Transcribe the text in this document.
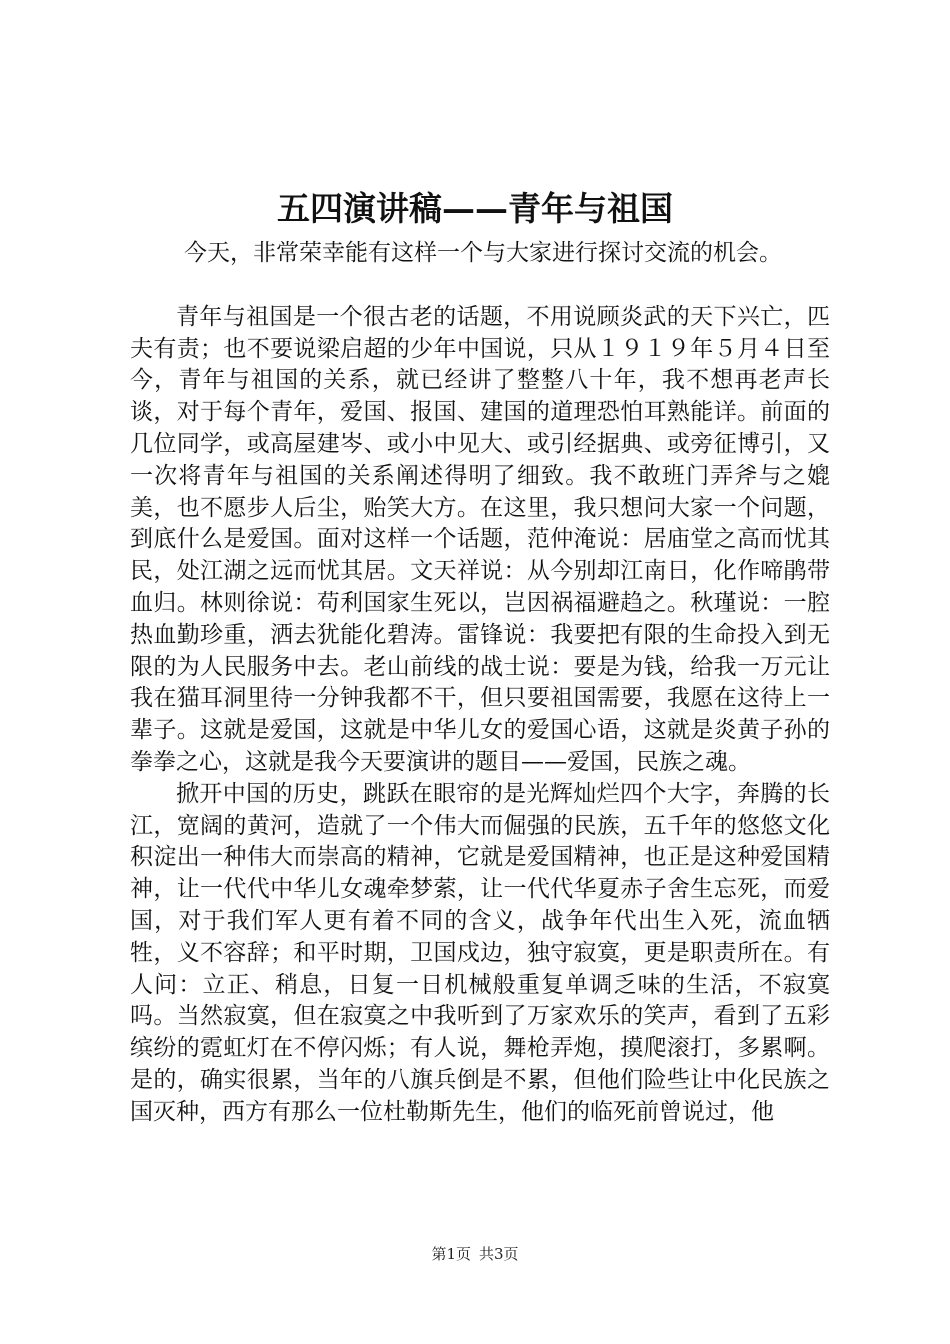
五四演讲稿——青年与祖国

今天，非常荣幸能有这样一个与大家进行探讨交流的机会。

青年与祖国是一个很古老的话题，不用说顾炎武的天下兴亡，匹夫有责；也不要说梁启超的少年中国说，只从１９１９年５月４日至今，青年与祖国的关系，就已经讲了整整八十年，我不想再老声长谈，对于每个青年，爱国、报国、建国的道理恐怕耳熟能详。前面的几位同学，或高屋建岑、或小中见大、或引经据典、或旁征博引，又一次将青年与祖国的关系阐述得明了细致。我不敢班门弄斧与之媲美，也不愿步人后尘，贻笑大方。在这里，我只想问大家一个问题，到底什么是爱国。面对这样一个话题，范仲淹说：居庙堂之高而忧其民，处江湖之远而忧其居。文天祥说：从今别却江南日，化作啼鹃带血归。林则徐说：苟利国家生死以，岂因祸福避趋之。秋瑾说：一腔热血勤珍重，洒去犹能化碧涛。雷锋说：我要把有限的生命投入到无限的为人民服务中去。老山前线的战士说：要是为钱，给我一万元让我在猫耳洞里待一分钟我都不干，但只要祖国需要，我愿在这待上一辈子。这就是爱国，这就是中华儿女的爱国心语，这就是炎黄子孙的拳拳之心，这就是我今天要演讲的题目——爱国，民族之魂。

掀开中国的历史，跳跃在眼帘的是光辉灿烂四个大字，奔腾的长江，宽阔的黄河，造就了一个伟大而倔强的民族，五千年的悠悠文化积淀出一种伟大而崇高的精神，它就是爱国精神，也正是这种爱国精神，让一代代中华儿女魂牵梦萦，让一代代华夏赤子舍生忘死，而爱国，对于我们军人更有着不同的含义，战争年代出生入死，流血牺牲，义不容辞；和平时期，卫国戍边，独守寂寞，更是职责所在。有人问：立正、稍息，日复一日机械般重复单调乏味的生活，不寂寞吗。当然寂寞，但在寂寞之中我听到了万家欢乐的笑声，看到了五彩缤纷的霓虹灯在不停闪烁；有人说，舞枪弄炮，摸爬滚打，多累啊。是的，确实很累，当年的八旗兵倒是不累，但他们险些让中化民族之国灭种，西方有那么一位杜勒斯先生，他们的临死前曾说过，他

第1页 共3页
